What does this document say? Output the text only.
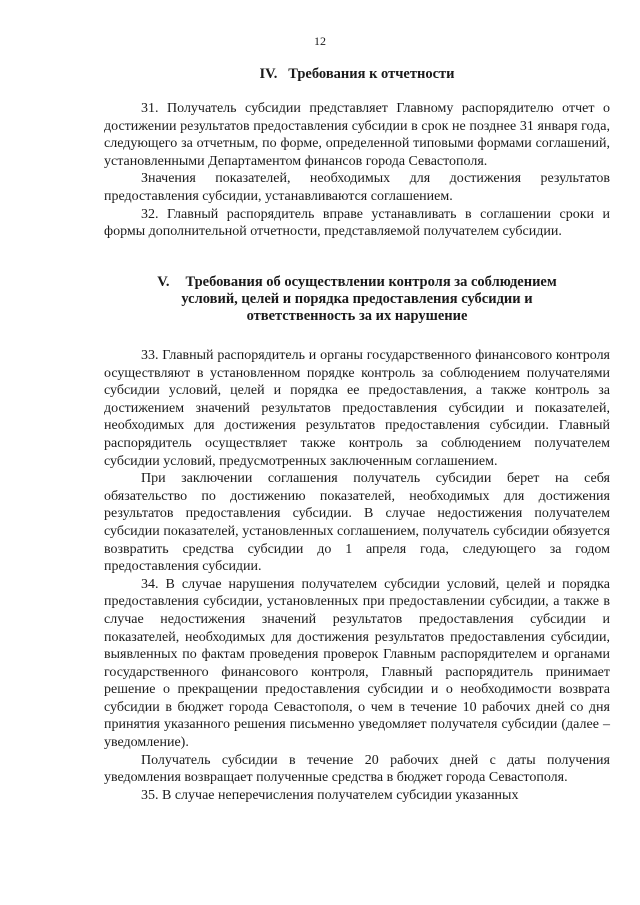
12
IV. Требования к отчетности

31. Получатель субсидии представляет Главному распорядителю отчет о достижении результатов предоставления субсидии в срок не позднее 31 января года, следующего за отчетным, по форме, определенной типовыми формами соглашений, установленными Департаментом финансов города Севастополя.

Значения показателей, необходимых для достижения результатов предоставления субсидии, устанавливаются соглашением.

32. Главный распорядитель вправе устанавливать в соглашении сроки и формы дополнительной отчетности, представляемой получателем субсидии.

V. Требования об осуществлении контроля за соблюдением
условий, целей и порядка предоставления субсидии и
ответственность за их нарушение

33. Главный распорядитель и органы государственного финансового контроля осуществляют в установленном порядке контроль за соблюдением получателями субсидии условий, целей и порядка ее предоставления, а также контроль за достижением значений результатов предоставления субсидии и показателей, необходимых для достижения результатов предоставления субсидии. Главный распорядитель осуществляет также контроль за соблюдением получателем субсидии условий, предусмотренных заключенным соглашением.

При заключении соглашения получатель субсидии берет на себя обязательство по достижению показателей, необходимых для достижения результатов предоставления субсидии. В случае недостижения получателем субсидии показателей, установленных соглашением, получатель субсидии обязуется возвратить средства субсидии до 1 апреля года, следующего за годом предоставления субсидии.

34. В случае нарушения получателем субсидии условий, целей и порядка предоставления субсидии, установленных при предоставлении субсидии, а также в случае недостижения значений результатов предоставления субсидии и показателей, необходимых для достижения результатов предоставления субсидии, выявленных по фактам проведения проверок Главным распорядителем и органами государственного финансового контроля, Главный распорядитель принимает решение о прекращении предоставления субсидии и о необходимости возврата субсидии в бюджет города Севастополя, о чем в течение 10 рабочих дней со дня принятия указанного решения письменно уведомляет получателя субсидии (далее – уведомление).

Получатель субсидии в течение 20 рабочих дней с даты получения уведомления возвращает полученные средства в бюджет города Севастополя.

35. В случае неперечисления получателем субсидии указанных
